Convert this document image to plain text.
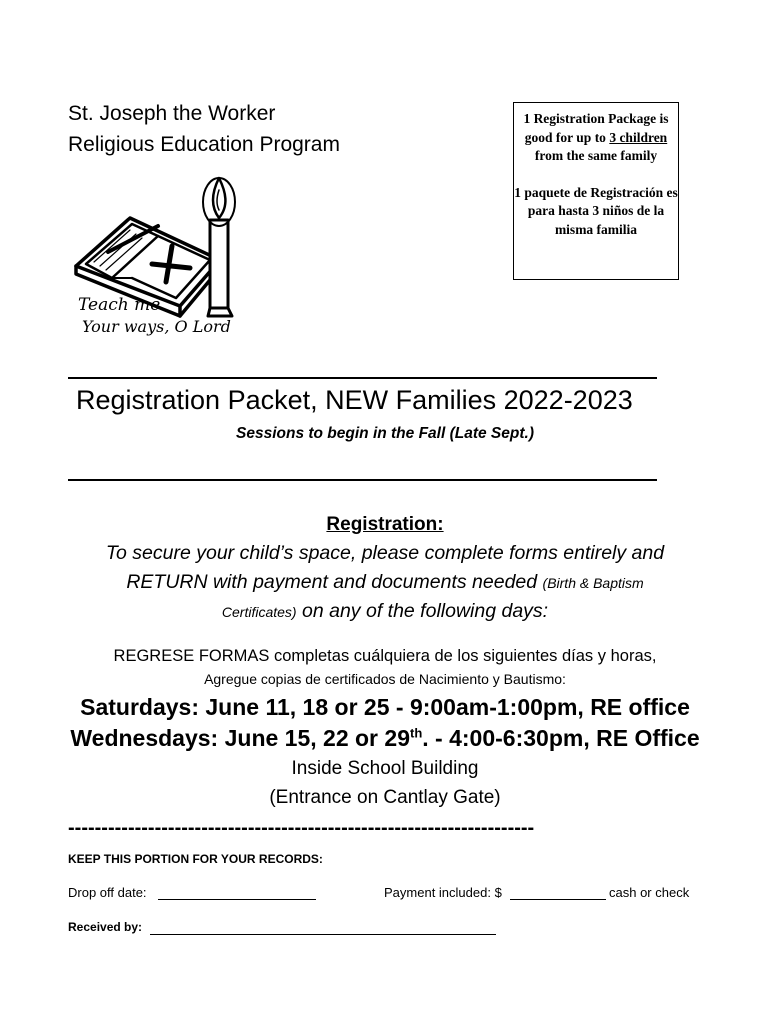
St. Joseph the Worker
Religious Education Program

1 Registration Package is good for up to 3 children from the same family

1 paquete de Registración es para hasta 3 niños de la misma familia

Teach me
Your ways, O Lord
Registration Packet, NEW Families 2022-2023
Sessions to begin in the Fall (Late Sept.)
Registration:
To secure your child’s space, please complete forms entirely and
RETURN with payment and documents needed (Birth & Baptism
Certificates) on any of the following days:
REGRESE FORMAS completas cuálquiera de los siguientes días y horas,
Agregue copias de certificados de Nacimiento y Bautismo:
Saturdays: June 11, 18 or 25 - 9:00am-1:00pm, RE office
Wednesdays: June 15, 22 or 29th. - 4:00-6:30pm, RE Office
Inside School Building
(Entrance on Cantlay Gate)
----------------------------------------------------------------------
KEEP THIS PORTION FOR YOUR RECORDS:
Drop off date:	Payment included: $	cash or check
Received by:
